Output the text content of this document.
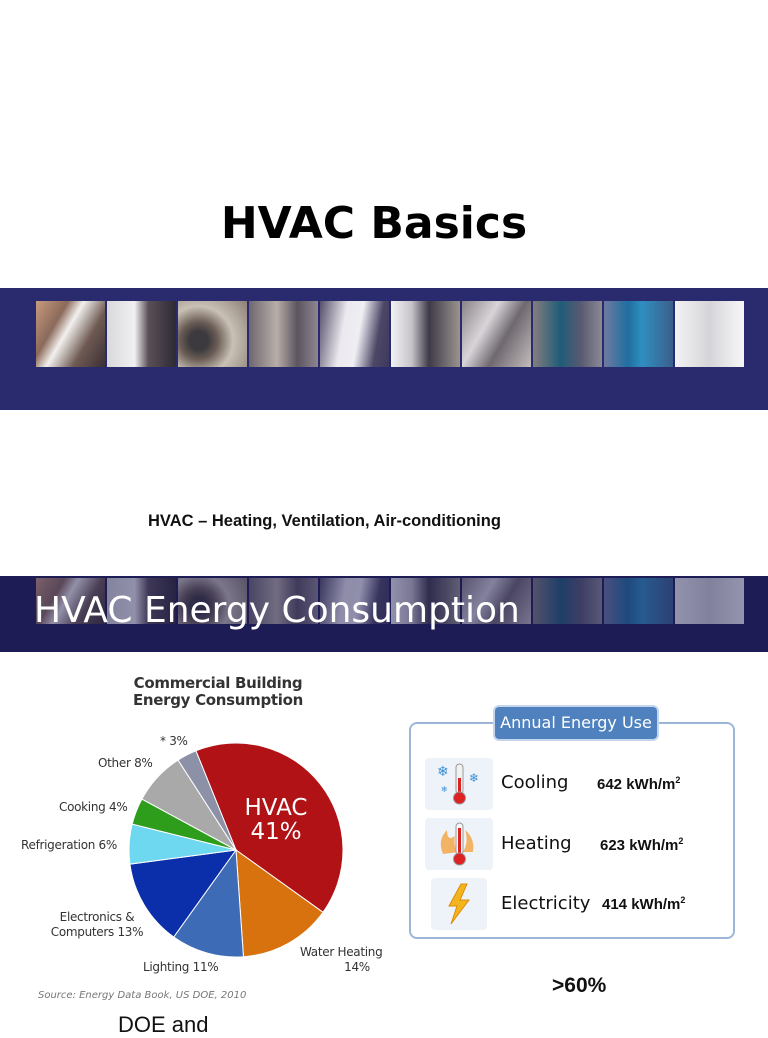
HVAC Basics
HVAC – Heating, Ventilation, Air-conditioning
HVAC Energy Consumption
Commercial Building
Energy Consumption
* 3%
Other 8%
Cooking 4%
Refrigeration 6%
Electronics &
Computers 13%
Lighting 11%
Water Heating
14%
HVAC
41%
Source: Energy Data Book, US DOE, 2010
Annual Energy Use
❄ ❄
❄	Cooling 642 kWh/$m^2$
Heating 623 kWh/$m^2$
Electricity 414 kWh/$m^2$
>60%
DOE and
